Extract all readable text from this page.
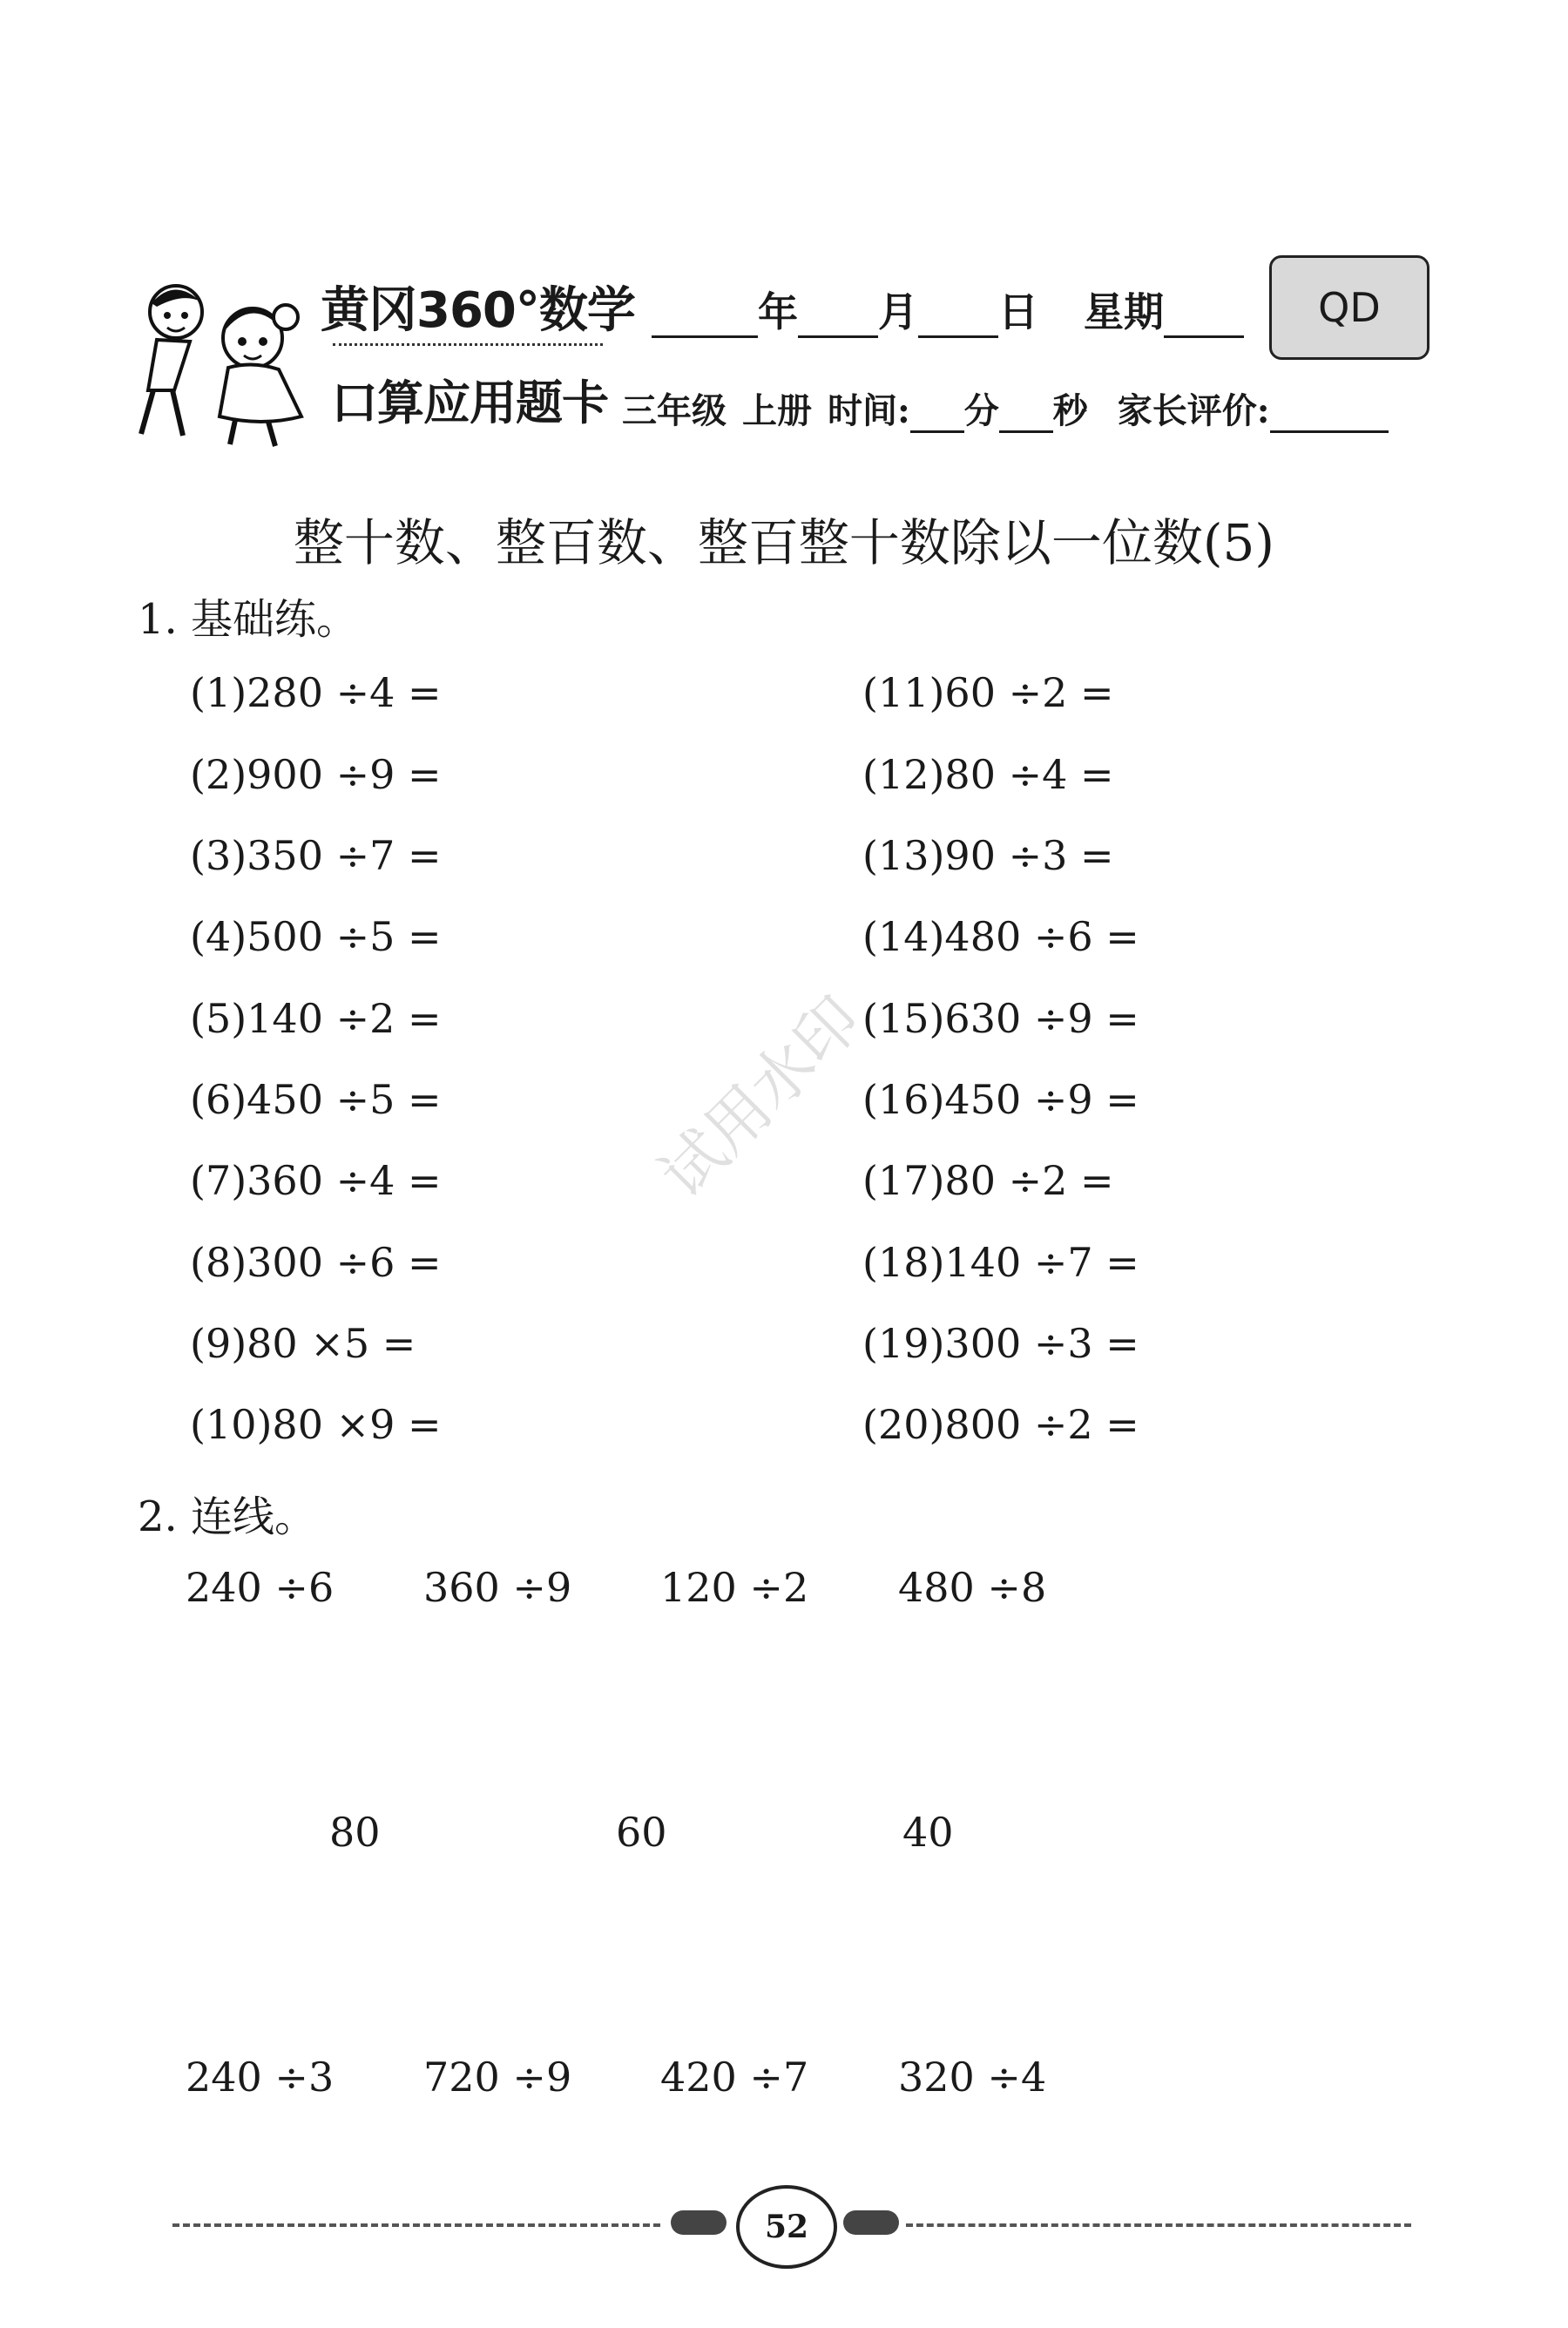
黄冈360°数学
口算应用题卡
年 月 日 星期	QD
三年级 上册 时间: 分 秒 家长评价:
整十数、整百数、整百整十数除以一位数(5)
1. 基础练。
(1)280 ÷4 =
(2)900 ÷9 =
(3)350 ÷7 =
(4)500 ÷5 =
(5)140 ÷2 =
(6)450 ÷5 =
(7)360 ÷4 =
(8)300 ÷6 =
(9)80 ×5 =
(10)80 ×9 =
(11)60 ÷2 =
(12)80 ÷4 =
(13)90 ÷3 =
(14)480 ÷6 =
(15)630 ÷9 =
(16)450 ÷9 =
(17)80 ÷2 =
(18)140 ÷7 =
(19)300 ÷3 =
(20)800 ÷2 =
试用水印
2. 连线。
240 ÷6 360 ÷9 120 ÷2 480 ÷8
80	60	40
240 ÷3 720 ÷9 420 ÷7 320 ÷4
52
